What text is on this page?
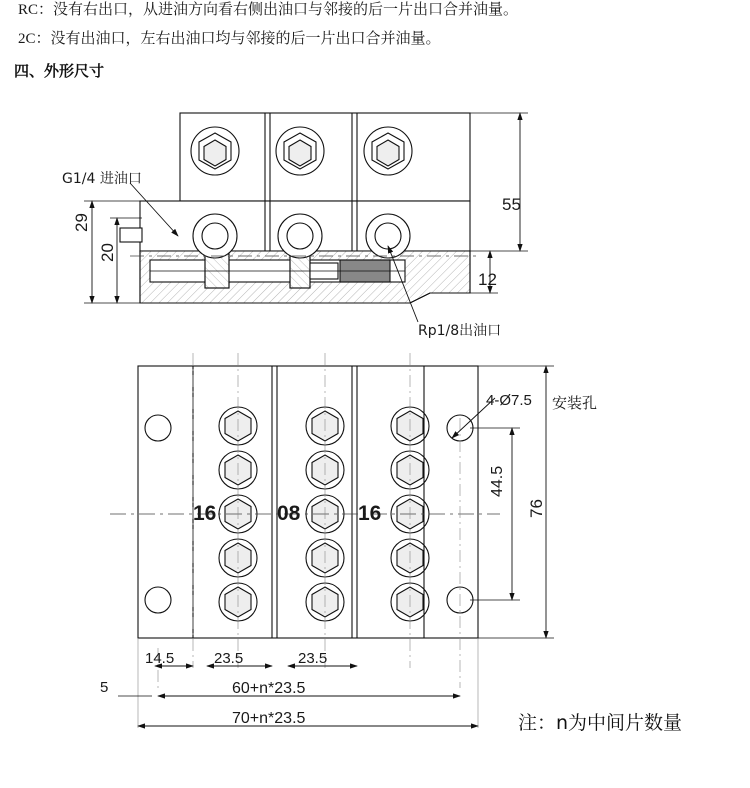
RC：没有右出口，从进油方向看右侧出油口与邻接的后一片出口合并油量。
2C：没有出油口，左右出油口均与邻接的后一片出口合并油量。
四、外形尺寸
G1/4 进油口
Rp1/8出油口
55
12
29
20
4-Ø7.5 安装孔
16	08	16
44.5
76
14.5	23.5	23.5
5	60+n*23.5
70+n*23.5	注：n为中间片数量
